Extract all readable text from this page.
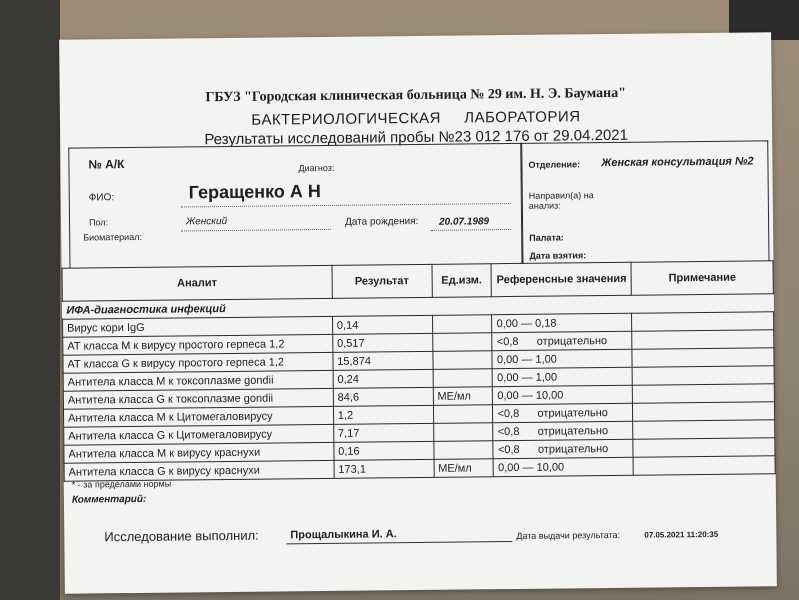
ГБУЗ "Городская клиническая больница № 29 им. Н. Э. Баумана"
БАКТЕРИОЛОГИЧЕСКАЯ     ЛАБОРАТОРИЯ
Результаты исследований пробы №23 012 176 от 29.04.2021
№ А/К	Диагноз:
ФИО:	Геращенко А Н
Пол:	Женский	Дата рождения: 20.07.1989
Биоматериал:
Отделение:	Женская консультация №2
Направил(а) на анализ:
Палата:
Дата взятия:
Аналит	Результат	Ед.изм.	Референсные значения	Примечание
ИФА-диагностика инфекций				
Вирус кори IgG	0,14		0,00 — 0,18	
АТ класса M к вирусу простого герпеса 1,2	0,517		<0,8 отрицательно	
АТ класса G к вирусу простого герпеса 1,2	15,874		0,00 — 1,00	
Антитела класса M к токсоплазме gondii	0,24		0,00 — 1,00	
Антитела класса G к токсоплазме gondii	84,6	МЕ/мл	0,00 — 10,00	
Антитела класса M к Цитомегаловирусу	1,2		<0,8 отрицательно	
Антитела класса G к Цитомегаловирусу	7,17		<0,8 отрицательно	
Антитела класса M к вирусу краснухи	0,16		<0,8 отрицательно	
Антитела класса G к вирусу краснухи	173,1	МЕ/мл	0,00 — 10,00	
* - за пределами нормы
Комментарий:
Исследование выполнил:	Прощалыкина И. А.	Дата выдачи результата:	07.05.2021 11:20:35
